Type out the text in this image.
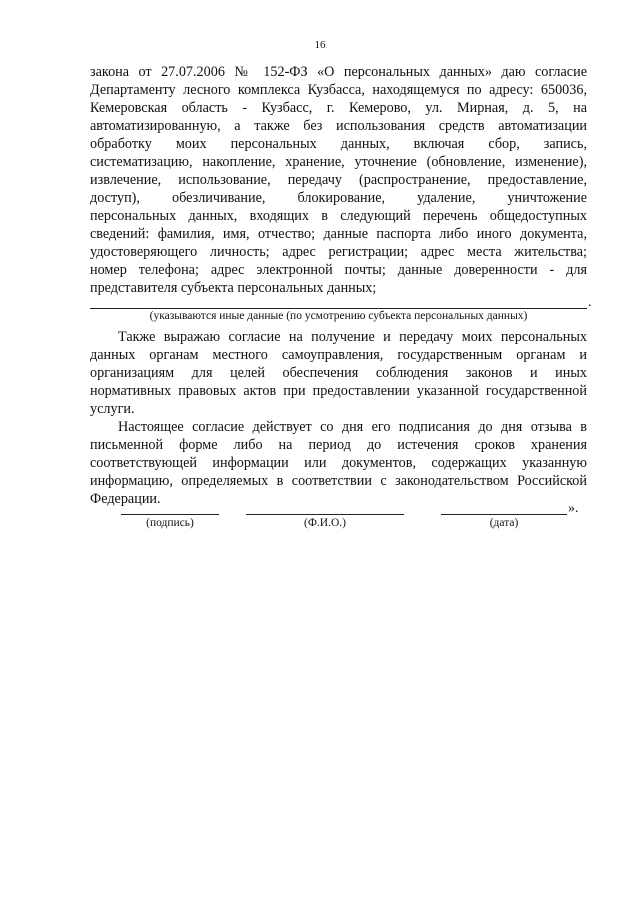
16
закона от 27.07.2006 № 152-ФЗ «О персональных данных» даю согласие
Департаменту лесного комплекса Кузбасса, находящемуся по адресу: 650036,
Кемеровская область - Кузбасс, г. Кемерово, ул. Мирная, д. 5, на
автоматизированную, а также без использования средств автоматизации
обработку моих персональных данных, включая сбор, запись,
систематизацию, накопление, хранение, уточнение (обновление, изменение),
извлечение, использование, передачу (распространение, предоставление,
доступ), обезличивание, блокирование, удаление, уничтожение
персональных данных, входящих в следующий перечень общедоступных
сведений: фамилия, имя, отчество; данные паспорта либо иного документа,
удостоверяющего личность; адрес регистрации; адрес места жительства;
номер телефона; адрес электронной почты; данные доверенности - для
представителя субъекта персональных данных;
.
(указываются иные данные (по усмотрению субъекта персональных данных)
Также выражаю согласие на получение и передачу моих персональных
данных органам местного самоуправления, государственным органам и
организациям для целей обеспечения соблюдения законов и иных
нормативных правовых актов при предоставлении указанной государственной
услуги.
Настоящее согласие действует со дня его подписания до дня отзыва в
письменной форме либо на период до истечения сроков хранения
соответствующей информации или документов, содержащих указанную
информацию, определяемых в соответствии с законодательством Российской
Федерации.
».
(подпись)	(Ф.И.О.)	(дата)
